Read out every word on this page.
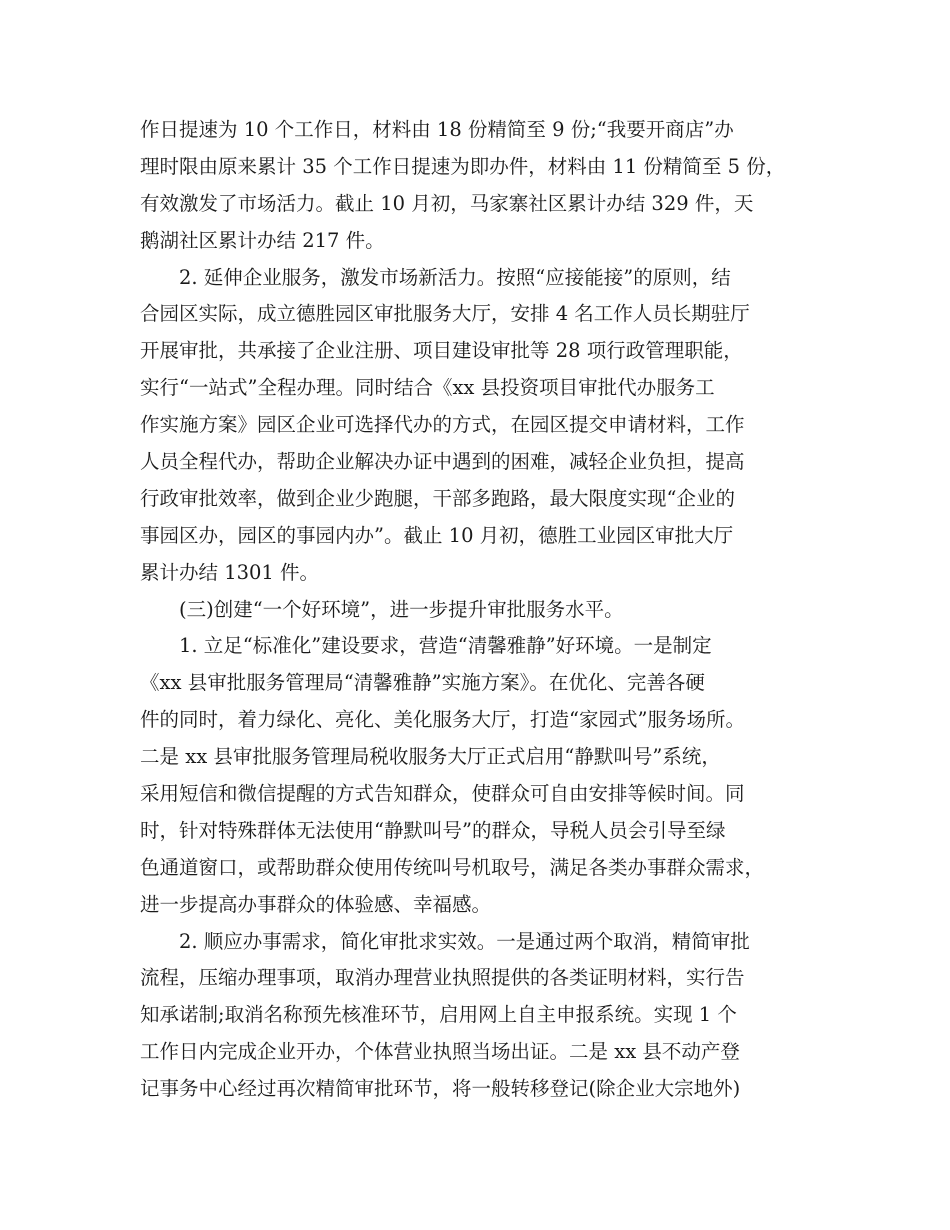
作日提速为 10 个工作日，材料由 18 份精简至 9 份;“我要开商店”办
理时限由原来累计 35 个工作日提速为即办件，材料由 11 份精简至 5 份，
有效激发了市场活力。截止 10 月初，马家寨社区累计办结 329 件，天
鹅湖社区累计办结 217 件。
2. 延伸企业服务，激发市场新活力。按照“应接能接”的原则，结
合园区实际，成立德胜园区审批服务大厅，安排 4 名工作人员长期驻厅
开展审批，共承接了企业注册、项目建设审批等 28 项行政管理职能，
实行“一站式”全程办理。同时结合《xx 县投资项目审批代办服务工
作实施方案》园区企业可选择代办的方式，在园区提交申请材料，工作
人员全程代办，帮助企业解决办证中遇到的困难，减轻企业负担，提高
行政审批效率，做到企业少跑腿，干部多跑路，最大限度实现“企业的
事园区办，园区的事园内办”。截止 10 月初，德胜工业园区审批大厅
累计办结 1301 件。
(三)创建“一个好环境”，进一步提升审批服务水平。
1. 立足“标准化”建设要求，营造“清馨雅静”好环境。一是制定
《xx 县审批服务管理局“清馨雅静”实施方案》。在优化、完善各硬
件的同时，着力绿化、亮化、美化服务大厅，打造“家园式”服务场所。
二是 xx 县审批服务管理局税收服务大厅正式启用“静默叫号”系统，
采用短信和微信提醒的方式告知群众，使群众可自由安排等候时间。同
时，针对特殊群体无法使用“静默叫号”的群众，导税人员会引导至绿
色通道窗口，或帮助群众使用传统叫号机取号，满足各类办事群众需求，
进一步提高办事群众的体验感、幸福感。
2. 顺应办事需求，简化审批求实效。一是通过两个取消，精简审批
流程，压缩办理事项，取消办理营业执照提供的各类证明材料，实行告
知承诺制;取消名称预先核准环节，启用网上自主申报系统。实现 1 个
工作日内完成企业开办，个体营业执照当场出证。二是 xx 县不动产登
记事务中心经过再次精简审批环节，将一般转移登记(除企业大宗地外)
